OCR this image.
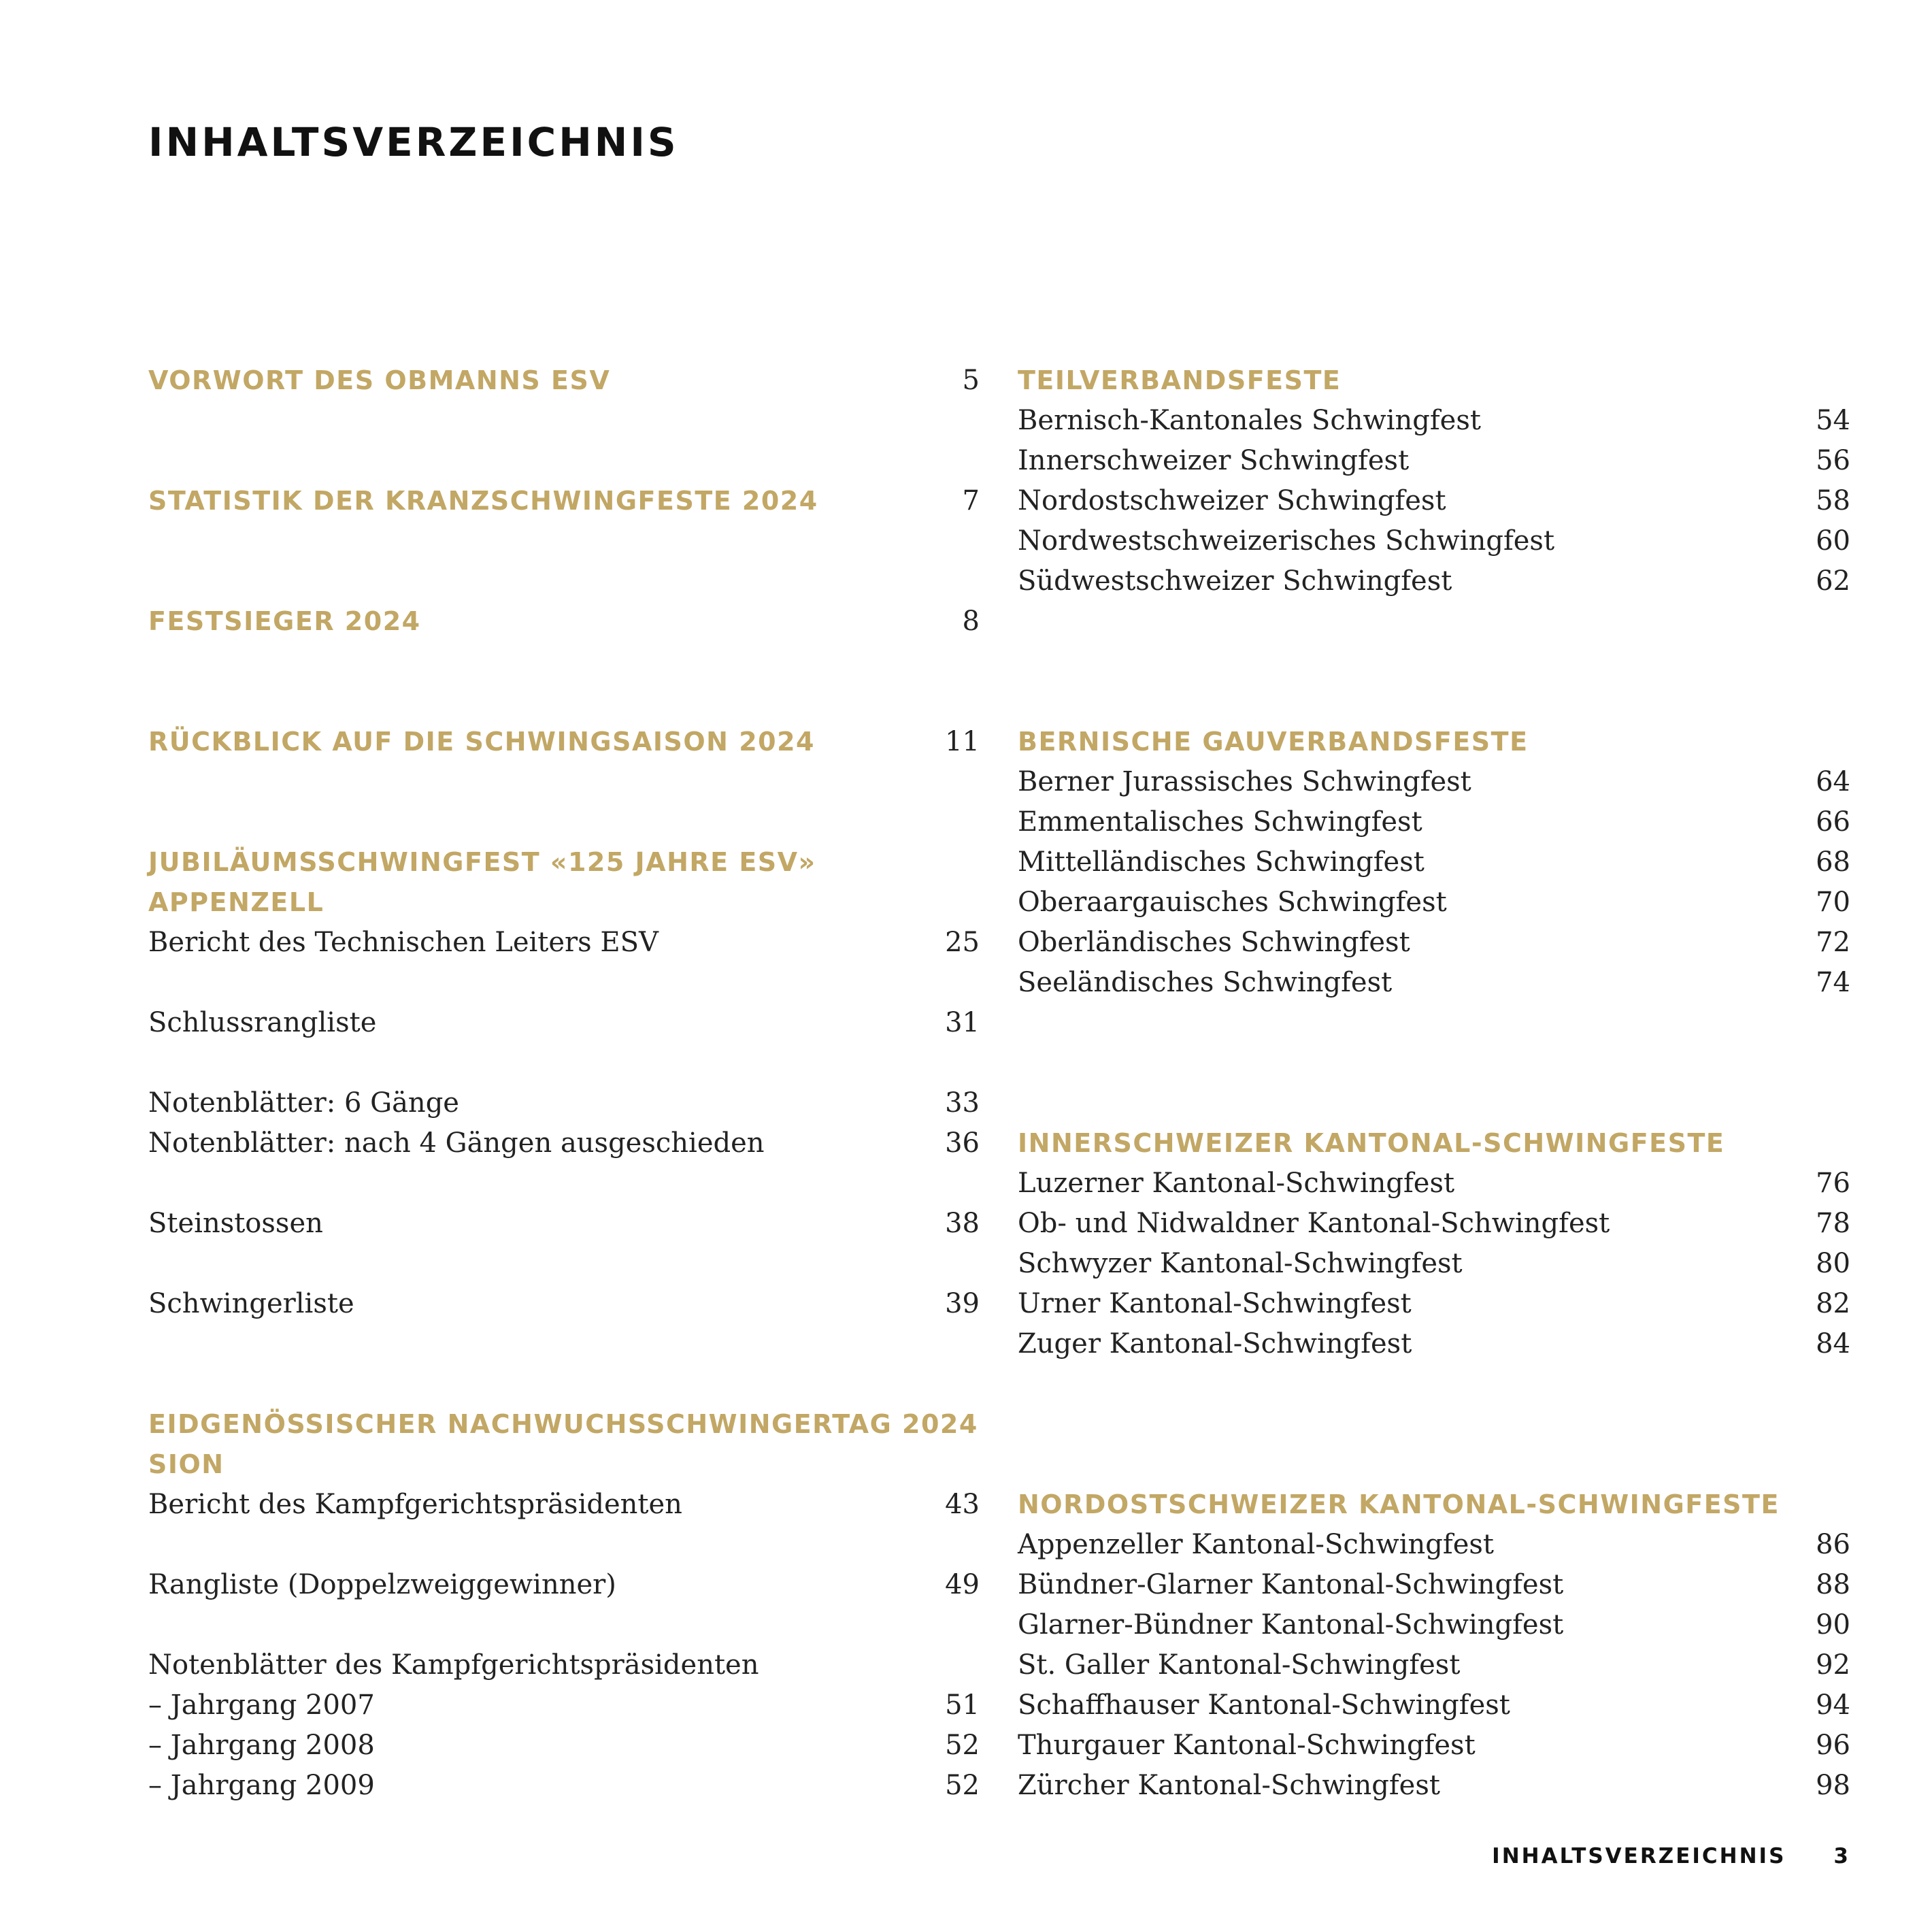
INHALTSVERZEICHNIS
VORWORT DES OBMANNS ESV	5
STATISTIK DER KRANZSCHWINGFESTE 2024	7
FESTSIEGER 2024	8
RÜCKBLICK AUF DIE SCHWINGSAISON 2024	11
JUBILÄUMSSCHWINGFEST «125 JAHRE ESV»
APPENZELL
Bericht des Technischen Leiters ESV	25
Schlussrangliste	31
Notenblätter: 6 Gänge	33
Notenblätter: nach 4 Gängen ausgeschieden	36
Steinstossen	38
Schwingerliste	39
EIDGENÖSSISCHER NACHWUCHSSCHWINGERTAG 2024
SION
Bericht des Kampfgerichtspräsidenten	43
Rangliste (Doppelzweiggewinner)	49
Notenblätter des Kampfgerichtspräsidenten
– Jahrgang 2007	51
– Jahrgang 2008	52
– Jahrgang 2009	52
TEILVERBANDSFESTE
Bernisch-Kantonales Schwingfest	54
Innerschweizer Schwingfest	56
Nordostschweizer Schwingfest	58
Nordwestschweizerisches Schwingfest	60
Südwestschweizer Schwingfest	62
BERNISCHE GAUVERBANDSFESTE
Berner Jurassisches Schwingfest	64
Emmentalisches Schwingfest	66
Mittelländisches Schwingfest	68
Oberaargauisches Schwingfest	70
Oberländisches Schwingfest	72
Seeländisches Schwingfest	74
INNERSCHWEIZER KANTONAL-SCHWINGFESTE
Luzerner Kantonal-Schwingfest	76
Ob- und Nidwaldner Kantonal-Schwingfest	78
Schwyzer Kantonal-Schwingfest	80
Urner Kantonal-Schwingfest	82
Zuger Kantonal-Schwingfest	84
NORDOSTSCHWEIZER KANTONAL-SCHWINGFESTE
Appenzeller Kantonal-Schwingfest	86
Bündner-Glarner Kantonal-Schwingfest	88
Glarner-Bündner Kantonal-Schwingfest	90
St. Galler Kantonal-Schwingfest	92
Schaffhauser Kantonal-Schwingfest	94
Thurgauer Kantonal-Schwingfest	96
Zürcher Kantonal-Schwingfest	98
INHALTSVERZEICHNIS 3
